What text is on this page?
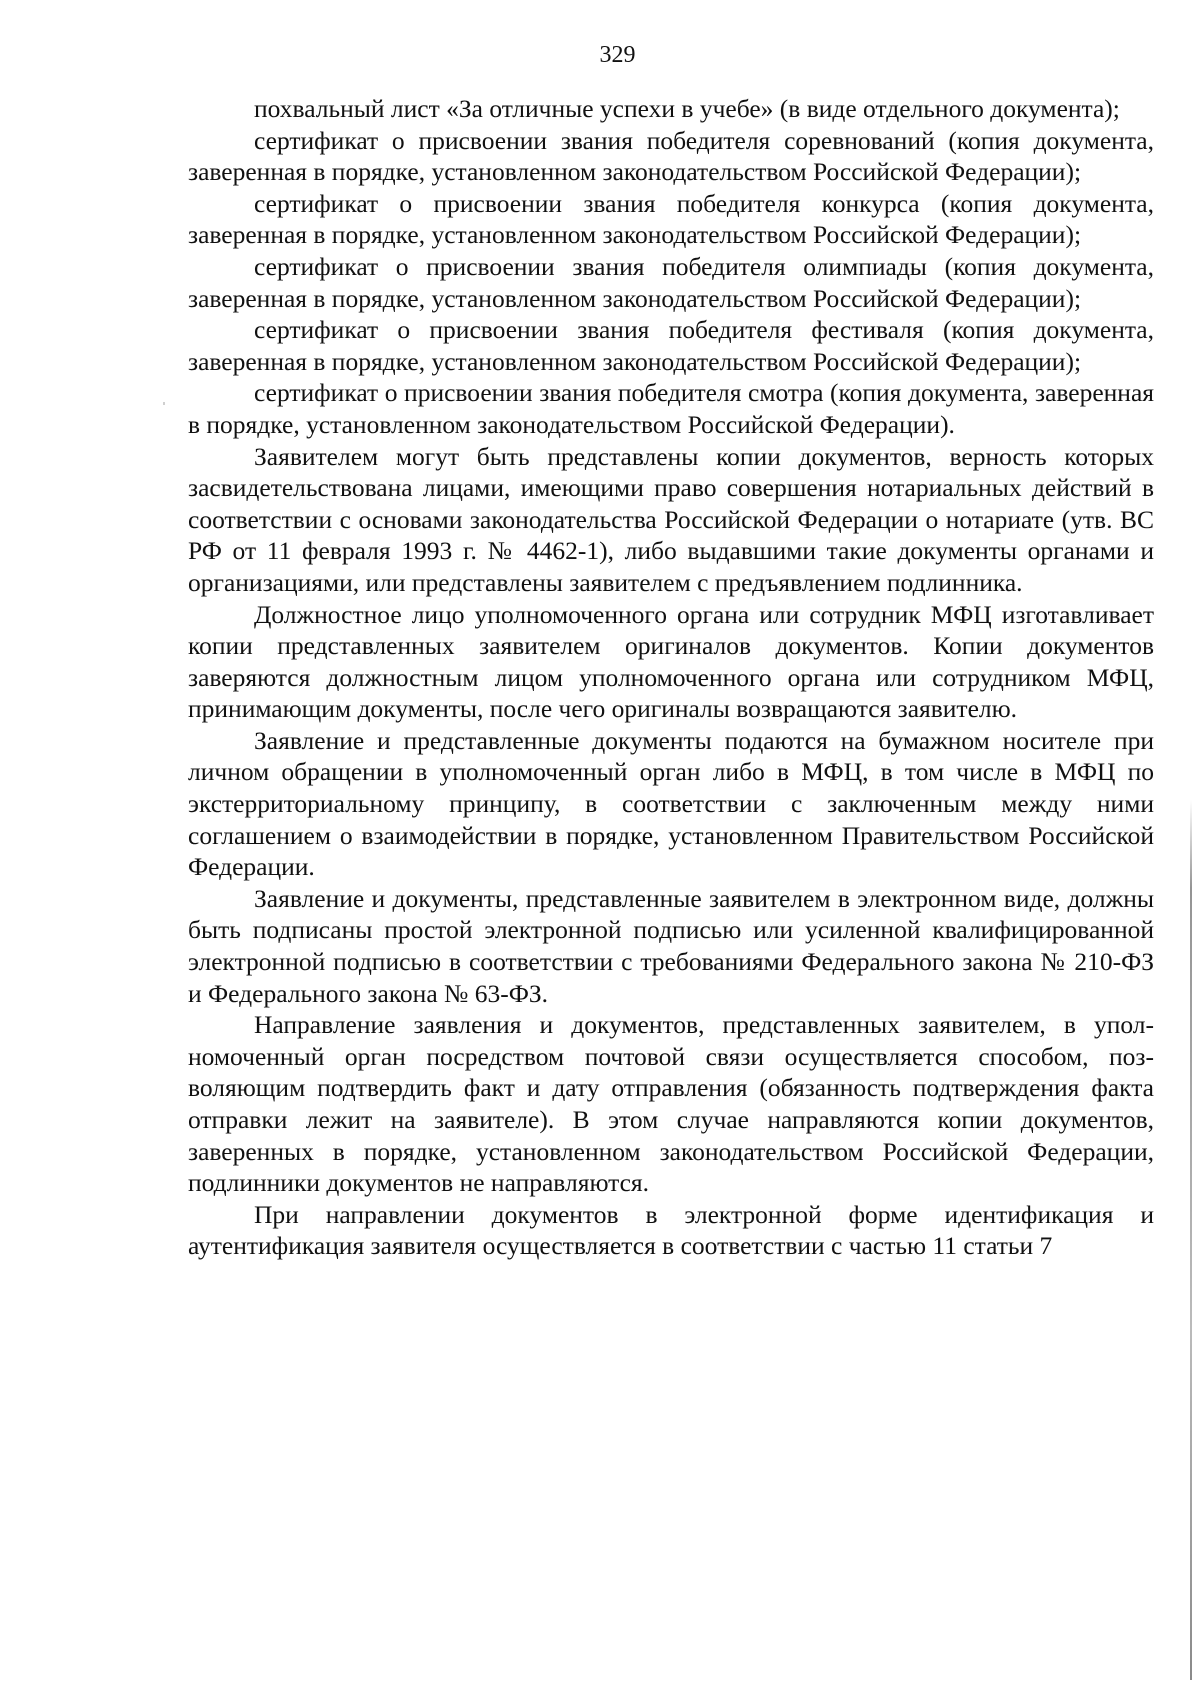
329

похвальный лист «За отличные успехи в учебе» (в виде отдельного документа);

сертификат о присвоении звания победителя соревнований (копия документа, заверенная в порядке, установленном законодательством Российской Федерации);

сертификат о присвоении звания победителя конкурса (копия документа, заверенная в порядке, установленном законодательством Российской Федерации);

сертификат о присвоении звания победителя олимпиады (копия документа, заверенная в порядке, установленном законодательством Российской Федерации);

сертификат о присвоении звания победителя фестиваля (копия документа, заверенная в порядке, установленном законодательством Российской Федерации);

сертификат о присвоении звания победителя смотра (копия документа, заверенная в порядке, установленном законодательством Российской Федерации).

Заявителем могут быть представлены копии документов, верность которых засвидетельствована лицами, имеющими право совершения нотариальных действий в соответствии с основами законодательства Российской Федерации о нотариате (утв. ВС РФ от 11 февраля 1993 г. № 4462-1), либо выдавшими такие документы органами и организациями, или представлены заявителем с предъявлением подлинника.

Должностное лицо уполномоченного органа или сотрудник МФЦ изготавливает копии представленных заявителем оригиналов документов. Копии документов заверяются должностным лицом уполномоченного органа или сотрудником МФЦ, принимающим документы, после чего оригиналы возвращаются заявителю.

Заявление и представленные документы подаются на бумажном носителе при личном обращении в уполномоченный орган либо в МФЦ, в том числе в МФЦ по экстерриториальному принципу, в соответствии с заключенным между ними соглашением о взаимодействии в порядке, установленном Правительством Российской Федерации.

Заявление и документы, представленные заявителем в электронном виде, должны быть подписаны простой электронной подписью или усиленной квалифицированной электронной подписью в соответствии с требованиями Федерального закона № 210-ФЗ и Федерального закона № 63-ФЗ.

Направление заявления и документов, представленных заявителем, в уполномоченный орган посредством почтовой связи осуществляется способом, позволяющим подтвердить факт и дату отправления (обязанность подтверждения факта отправки лежит на заявителе). В этом случае направляются копии документов, заверенных в порядке, установленном законодательством Российской Федерации, подлинники документов не направляются.

При направлении документов в электронной форме идентификация и аутентификация заявителя осуществляется в соответствии с частью 11 статьи 7
